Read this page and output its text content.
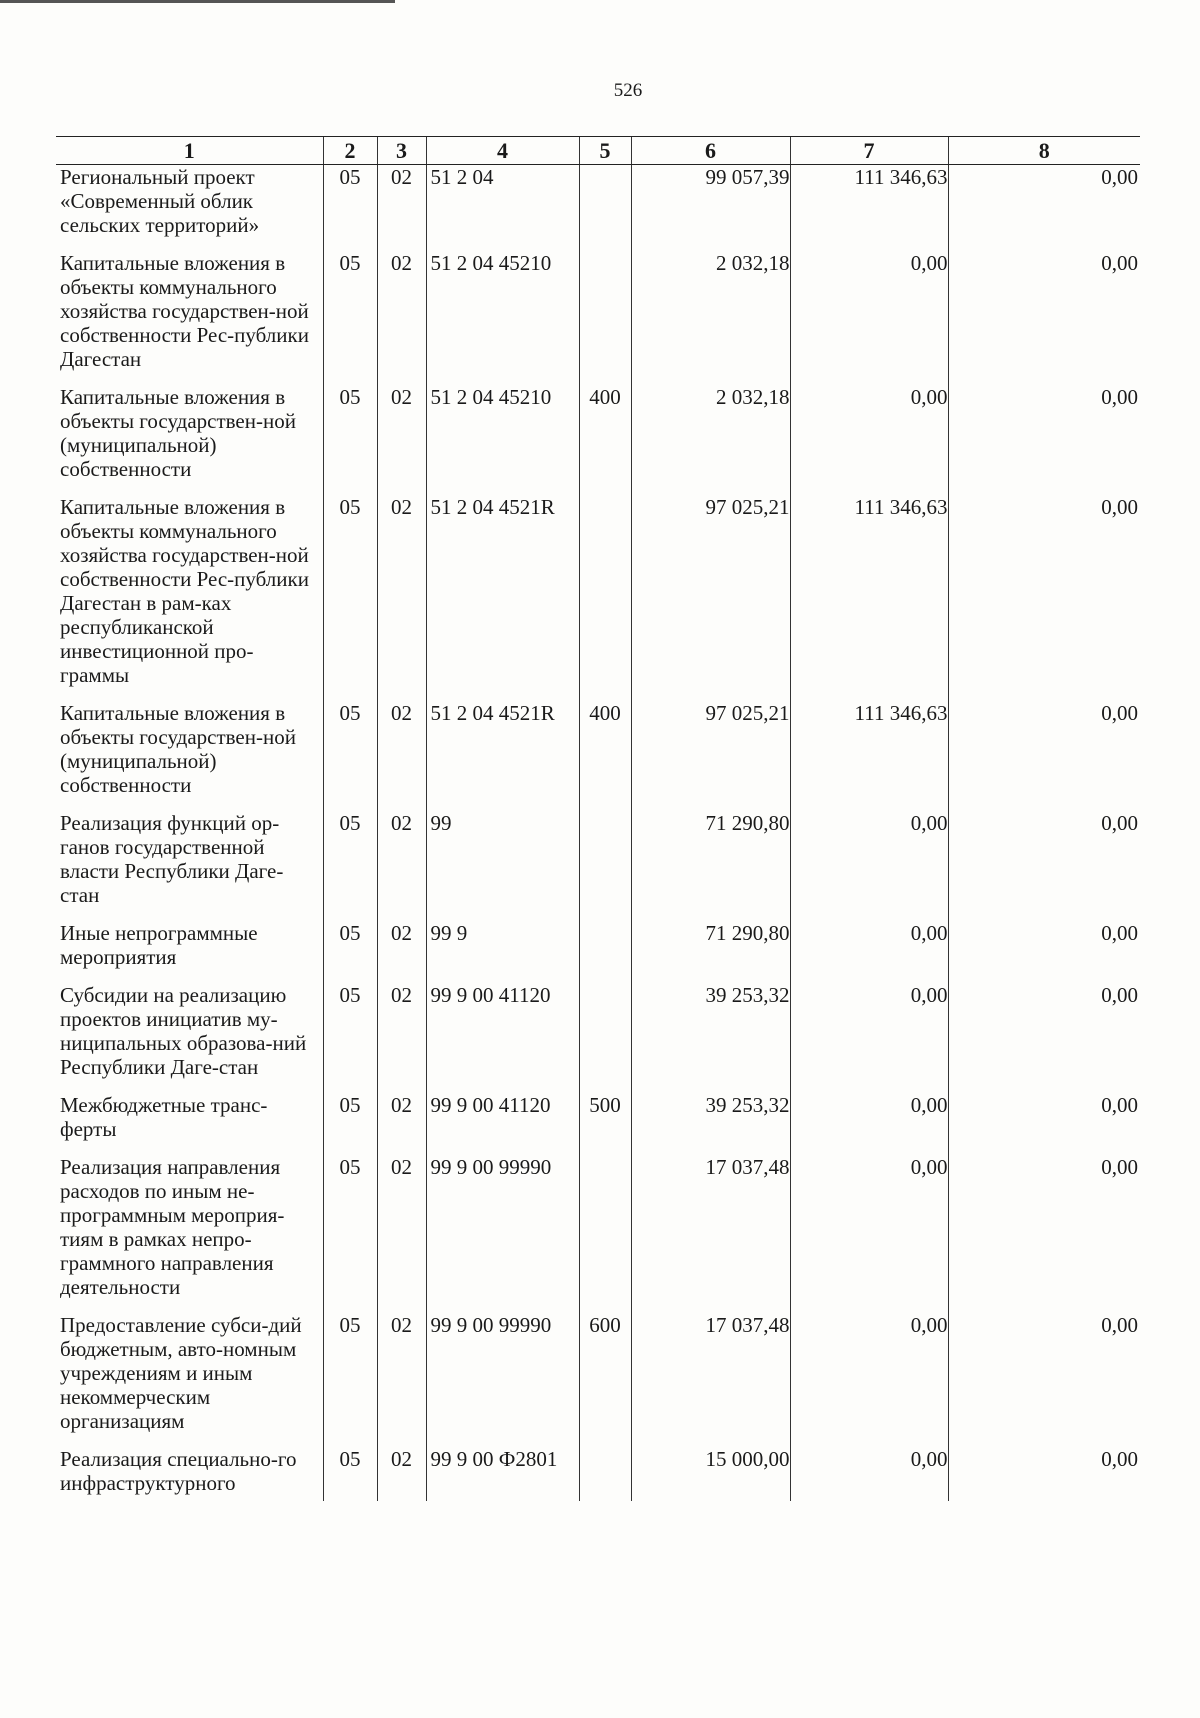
526
1	2	3	4	5	6	7	8
Региональный проект «Современный облик сельских территорий»	05	02	51 2 04		99 057,39	111 346,63	0,00
Капитальные вложения в объекты коммунального хозяйства государствен-ной собственности Рес-публики Дагестан	05	02	51 2 04 45210		2 032,18	0,00	0,00
Капитальные вложения в объекты государствен-ной (муниципальной) собственности	05	02	51 2 04 45210	400	2 032,18	0,00	0,00
Капитальные вложения в объекты коммунального хозяйства государствен-ной собственности Рес-публики Дагестан в рам-ках республиканской инвестиционной про-граммы	05	02	51 2 04 4521R		97 025,21	111 346,63	0,00
Капитальные вложения в объекты государствен-ной (муниципальной) собственности	05	02	51 2 04 4521R	400	97 025,21	111 346,63	0,00
Реализация функций ор-ганов государственной власти Республики Даге-стан	05	02	99		71 290,80	0,00	0,00
Иные непрограммные мероприятия	05	02	99 9		71 290,80	0,00	0,00
Субсидии на реализацию проектов инициатив му-ниципальных образова-ний Республики Даге-стан	05	02	99 9 00 41120		39 253,32	0,00	0,00
Межбюджетные транс-ферты	05	02	99 9 00 41120	500	39 253,32	0,00	0,00
Реализация направления расходов по иным не-программным мероприя-тиям в рамках непро-граммного направления деятельности	05	02	99 9 00 99990		17 037,48	0,00	0,00
Предоставление субси-дий бюджетным, авто-номным учреждениям и иным некоммерческим организациям	05	02	99 9 00 99990	600	17 037,48	0,00	0,00
Реализация специально-го инфраструктурного	05	02	99 9 00 Ф2801		15 000,00	0,00	0,00
